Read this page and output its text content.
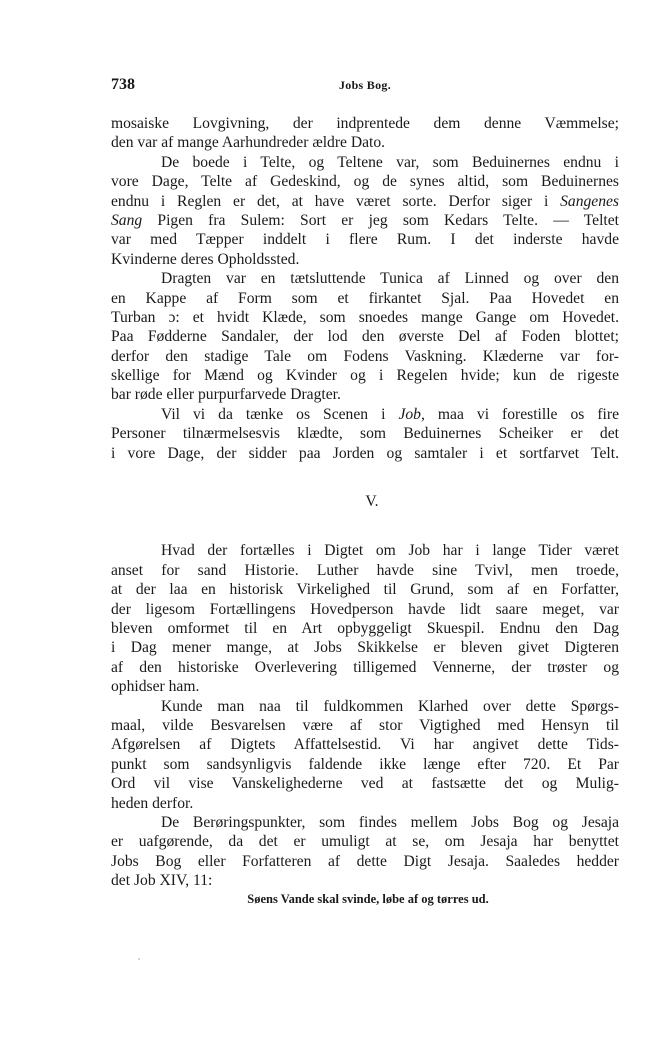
738	Jobs Bog.
mosaiske Lovgivning, der indprentede dem denne Væmmelse;
den var af mange Aarhundreder ældre Dato.
De boede i Telte, og Teltene var, som Beduinernes endnu i
vore Dage, Telte af Gedeskind, og de synes altid, som Beduinernes
endnu i Reglen er det, at have været sorte. Derfor siger i Sangenes
Sang Pigen fra Sulem: Sort er jeg som Kedars Telte. — Teltet
var med Tæpper inddelt i flere Rum. I det inderste havde
Kvinderne deres Opholdssted.
Dragten var en tætsluttende Tunica af Linned og over den
en Kappe af Form som et firkantet Sjal. Paa Hovedet en
Turban ɔ: et hvidt Klæde, som snoedes mange Gange om Hovedet.
Paa Fødderne Sandaler, der lod den øverste Del af Foden blottet;
derfor den stadige Tale om Fodens Vaskning. Klæderne var for-
skellige for Mænd og Kvinder og i Regelen hvide; kun de rigeste
bar røde eller purpurfarvede Dragter.
Vil vi da tænke os Scenen i Job, maa vi forestille os fire
Personer tilnærmelsesvis klædte, som Beduinernes Scheiker er det
i vore Dage, der sidder paa Jorden og samtaler i et sortfarvet Telt.
V.
Hvad der fortælles i Digtet om Job har i lange Tider været
anset for sand Historie. Luther havde sine Tvivl, men troede,
at der laa en historisk Virkelighed til Grund, som af en Forfatter,
der ligesom Fortællingens Hovedperson havde lidt saare meget, var
bleven omformet til en Art opbyggeligt Skuespil. Endnu den Dag
i Dag mener mange, at Jobs Skikkelse er bleven givet Digteren
af den historiske Overlevering tilligemed Vennerne, der trøster og
ophidser ham.
Kunde man naa til fuldkommen Klarhed over dette Spørgs-
maal, vilde Besvarelsen være af stor Vigtighed med Hensyn til
Afgørelsen af Digtets Affattelsestid. Vi har angivet dette Tids-
punkt som sandsynligvis faldende ikke længe efter 720. Et Par
Ord vil vise Vanskelighederne ved at fastsætte det og Mulig-
heden derfor.
De Berøringspunkter, som findes mellem Jobs Bog og Jesaja
er uafgørende, da det er umuligt at se, om Jesaja har benyttet
Jobs Bog eller Forfatteren af dette Digt Jesaja. Saaledes hedder
det Job XIV, 11:
Søens Vande skal svinde, løbe af og tørres ud.
